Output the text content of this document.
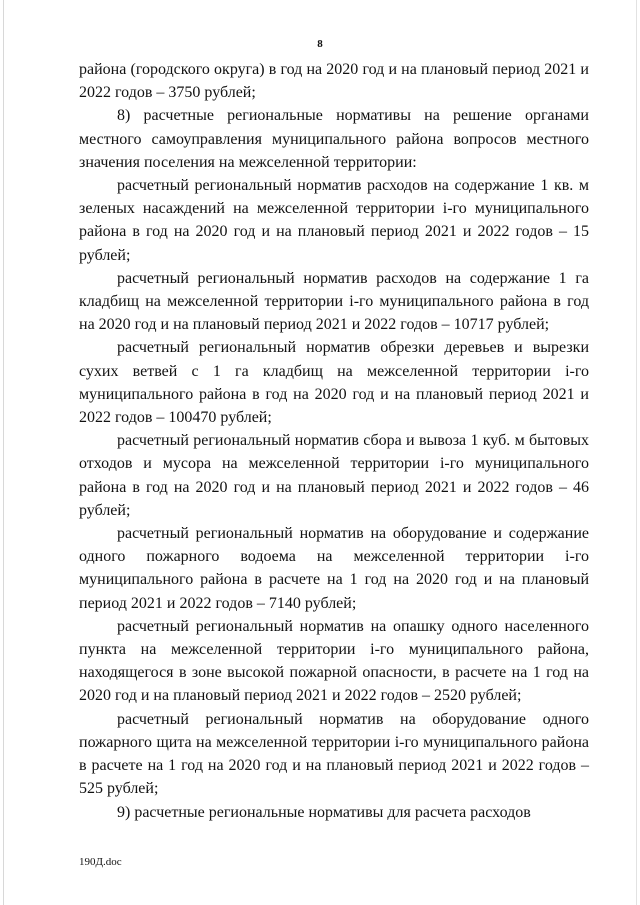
8

района (городского округа) в год на 2020 год и на плановый период 2021 и 2022 годов – 3750 рублей;

8) расчетные региональные нормативы на решение органами местного самоуправления муниципального района вопросов местного значения поселения на межселенной территории:

расчетный региональный норматив расходов на содержание 1 кв. м зеленых насаждений на межселенной территории i-го муниципального района в год на 2020 год и на плановый период 2021 и 2022 годов – 15 рублей;

расчетный региональный норматив расходов на содержание 1 га кладбищ на межселенной территории i-го муниципального района в год на 2020 год и на плановый период 2021 и 2022 годов – 10717 рублей;

расчетный региональный норматив обрезки деревьев и вырезки сухих ветвей с 1 га кладбищ на межселенной территории i-го муниципального района в год на 2020 год и на плановый период 2021 и 2022 годов – 100470 рублей;

расчетный региональный норматив сбора и вывоза 1 куб. м бытовых отходов и мусора на межселенной территории i-го муниципального района в год на 2020 год и на плановый период 2021 и 2022 годов – 46 рублей;

расчетный региональный норматив на оборудование и содержание одного пожарного водоема на межселенной территории i-го муниципального района в расчете на 1 год на 2020 год и на плановый период 2021 и 2022 годов – 7140 рублей;

расчетный региональный норматив на опашку одного населенного пункта на межселенной территории i-го муниципального района, находящегося в зоне высокой пожарной опасности, в расчете на 1 год на 2020 год и на плановый период 2021 и 2022 годов – 2520 рублей;

расчетный региональный норматив на оборудование одного пожарного щита на межселенной территории i-го муниципального района в расчете на 1 год на 2020 год и на плановый период 2021 и 2022 годов – 525 рублей;

9) расчетные региональные нормативы для расчета расходов

190Д.doc
